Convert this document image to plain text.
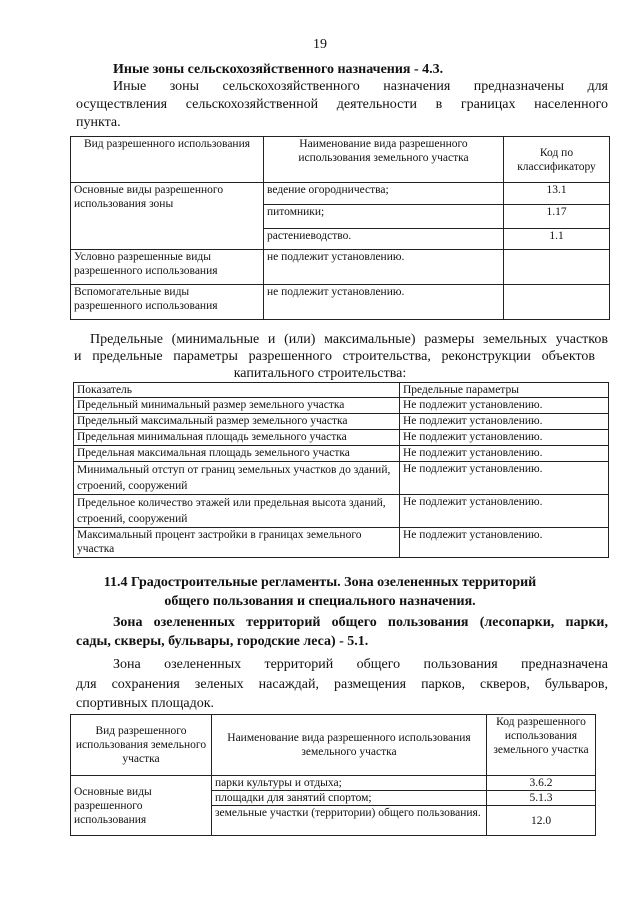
19
Иные зоны сельскохозяйственного назначения - 4.3.
Иные зоны сельскохозяйственного назначения предназначены для
осуществления сельскохозяйственной деятельности в границах населенного
пункта.
Вид разрешенного использования	Наименование вида разрешенного использования земельного участка	Код по классификатору
Основные виды разрешенного использования зоны	ведение огородничества;	13.1
	питомники;	1.17
	растениеводство.	1.1
Условно разрешенные виды разрешенного использования	не подлежит установлению.	
Вспомогательные виды разрешенного использования	не подлежит установлению.	
Предельные (минимальные и (или) максимальные) размеры земельных участков
и предельные параметры разрешенного строительства, реконструкции объектов
капитального строительства:
Показатель	Предельные параметры
Предельный минимальный размер земельного участка	Не подлежит установлению.
Предельный максимальный размер земельного участка	Не подлежит установлению.
Предельная минимальная площадь земельного участка	Не подлежит установлению.
Предельная максимальная площадь земельного участка	Не подлежит установлению.
Минимальный отступ от границ земельных участков до зданий, строений, сооружений	Не подлежит установлению.
Предельное количество этажей или предельная высота зданий, строений, сооружений	Не подлежит установлению.
Максимальный процент застройки в границах земельного участка	Не подлежит установлению.
11.4 Градостроительные регламенты. Зона озелененных территорий
общего пользования и специального назначения.
Зона озелененных территорий общего пользования (лесопарки, парки,
сады, скверы, бульвары, городские леса) - 5.1.
Зона озелененных территорий общего пользования предназначена
для сохранения зеленых насаждай, размещения парков, скверов, бульваров,
спортивных площадок.
Вид разрешенного использования земельного участка	Наименование вида разрешенного использования земельного участка	Код разрешенного использования земельного участка
Основные виды разрешенного использования	парки культуры и отдыха;	3.6.2
	площадки для занятий спортом;	5.1.3
	земельные участки (территории) общего пользования.	12.0
